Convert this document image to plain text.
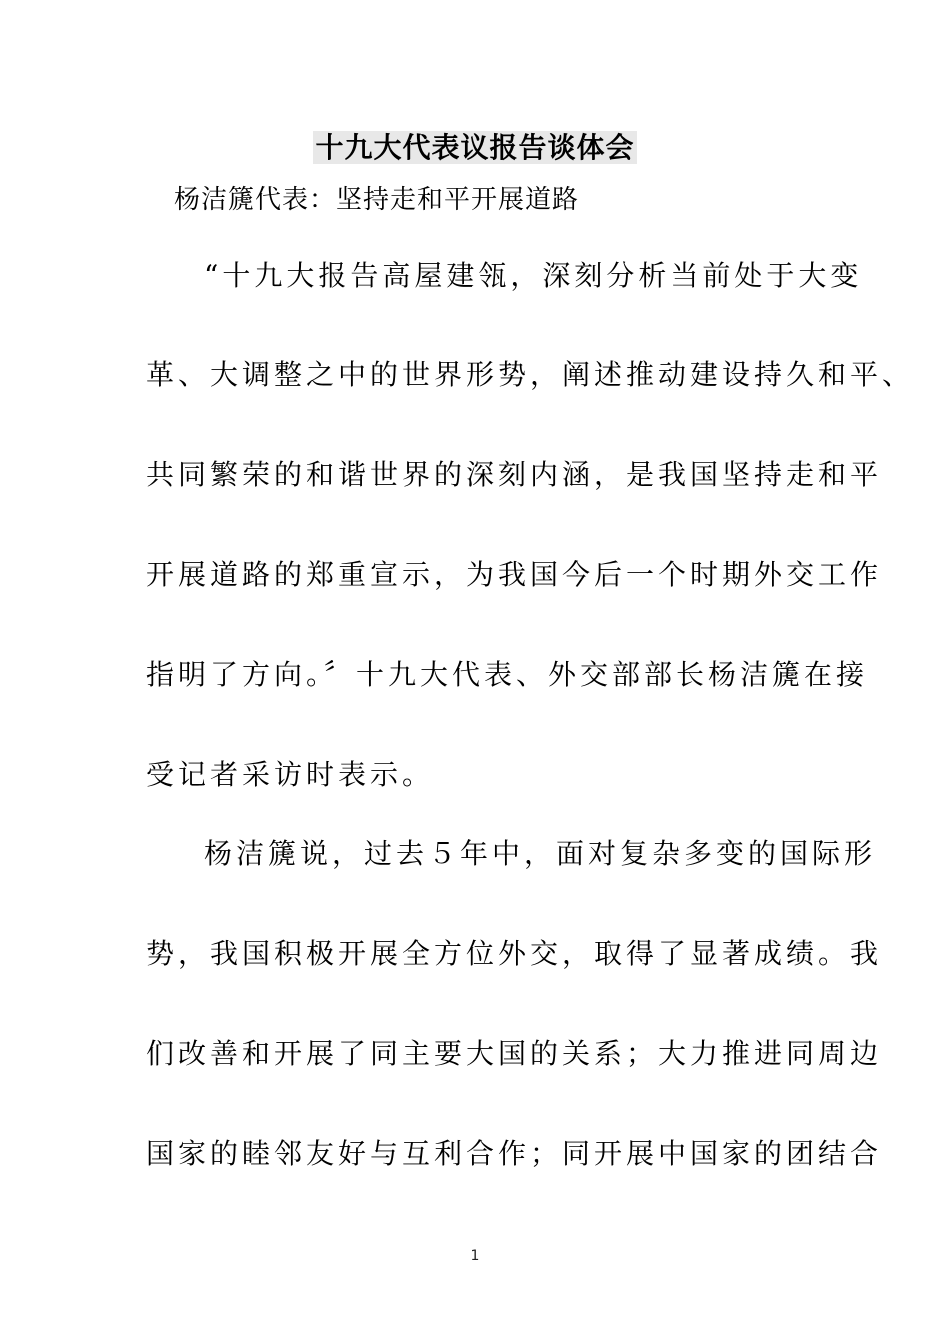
十九大代表议报告谈体会
杨洁篪代表：坚持走和平开展道路
“十九大报告高屋建瓴，深刻分析当前处于大变
革、大调整之中的世界形势，阐述推动建设持久和平、
共同繁荣的和谐世界的深刻内涵，是我国坚持走和平
开展道路的郑重宣示，为我国今后一个时期外交工作
指明了方向。〞十九大代表、外交部部长杨洁篪在接
受记者采访时表示。
杨洁篪说，过去５年中，面对复杂多变的国际形
势，我国积极开展全方位外交，取得了显著成绩。我
们改善和开展了同主要大国的关系；大力推进同周边
国家的睦邻友好与互利合作；同开展中国家的团结合
1
